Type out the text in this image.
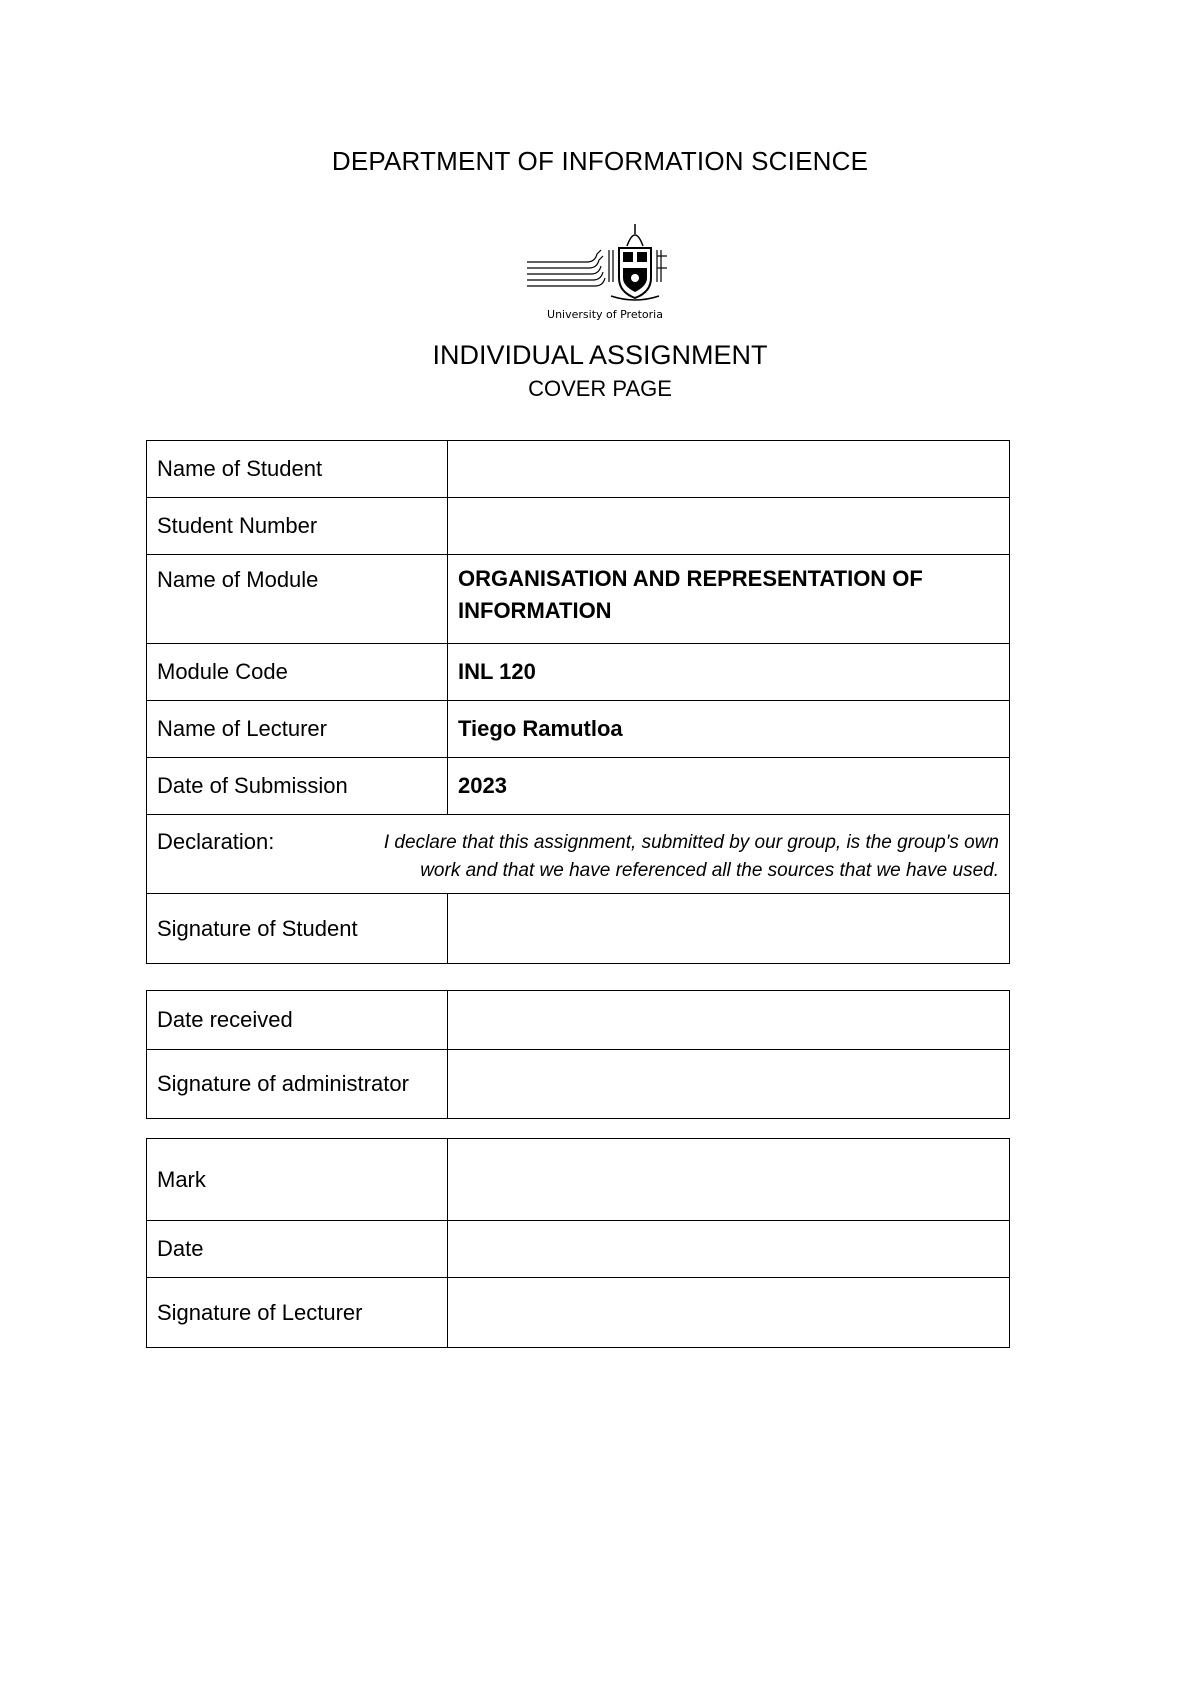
DEPARTMENT OF INFORMATION SCIENCE
University of Pretoria
INDIVIDUAL ASSIGNMENT
COVER PAGE
Name of Student	
Student Number	
Name of Module	ORGANISATION AND REPRESENTATION OF INFORMATION
Module Code	INL 120
Name of Lecturer	Tiego Ramutloa
Date of Submission	2023

Declaration: I declare that this assignment, submitted by our group, is the group's own
work and that we have referenced all the sources that we have used.	

Signature of Student	
Date received	
Signature of administrator	
Mark	
Date	
Signature of Lecturer	
